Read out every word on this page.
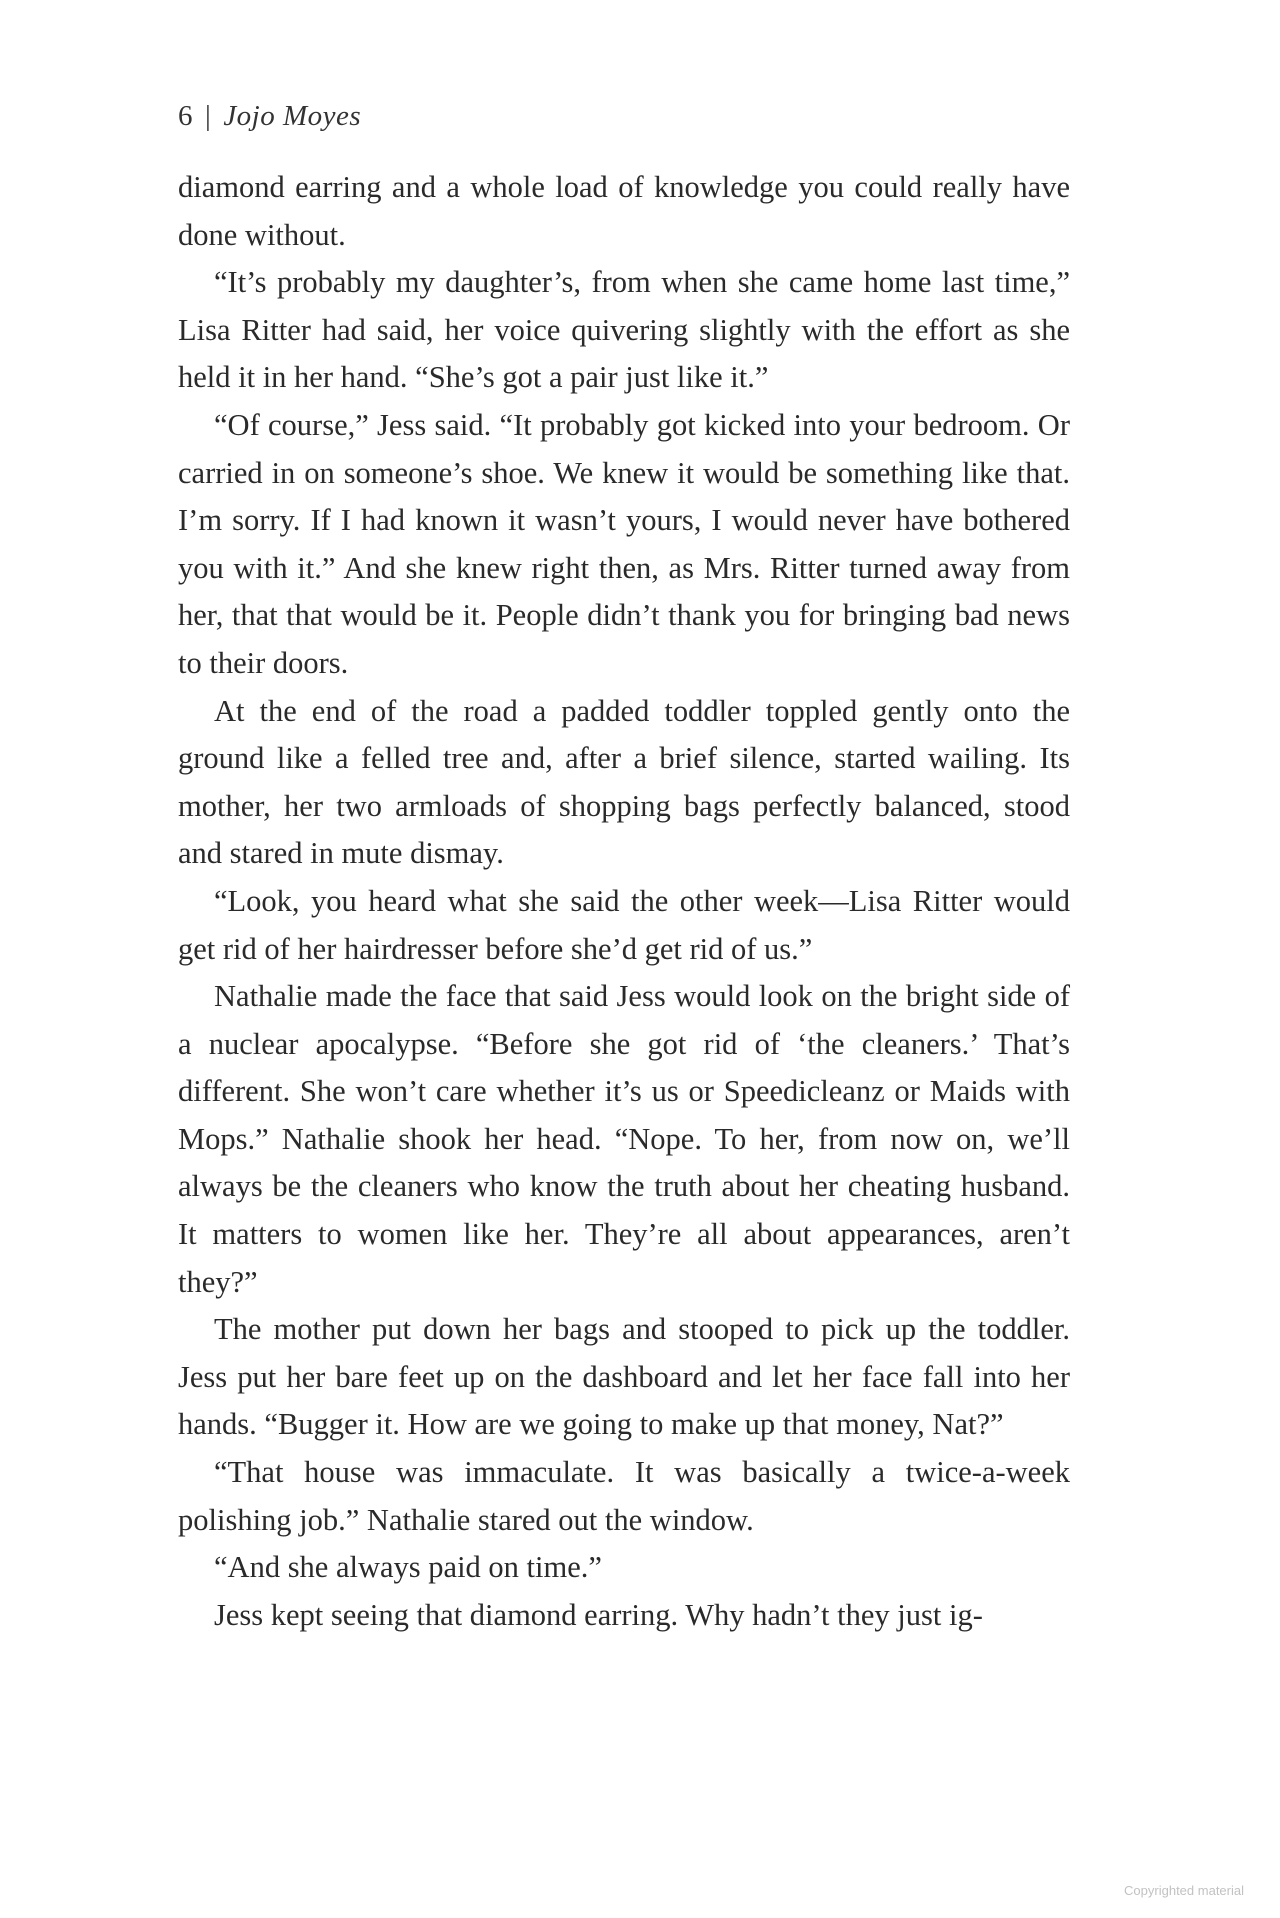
6 | Jojo Moyes

diamond earring and a whole load of knowledge you could really have done without.

“It’s probably my daughter’s, from when she came home last time,” Lisa Ritter had said, her voice quivering slightly with the effort as she held it in her hand. “She’s got a pair just like it.”

“Of course,” Jess said. “It probably got kicked into your bedroom. Or carried in on someone’s shoe. We knew it would be something like that. I’m sorry. If I had known it wasn’t yours, I would never have bothered you with it.” And she knew right then, as Mrs. Ritter turned away from her, that that would be it. People didn’t thank you for bringing bad news to their doors.

At the end of the road a padded toddler toppled gently onto the ground like a felled tree and, after a brief silence, started wailing. Its mother, her two armloads of shopping bags perfectly balanced, stood and stared in mute dismay.

“Look, you heard what she said the other week—Lisa Ritter would get rid of her hairdresser before she’d get rid of us.”

Nathalie made the face that said Jess would look on the bright side of a nuclear apocalypse. “Before she got rid of ‘the cleaners.’ That’s different. She won’t care whether it’s us or Speedicleanz or Maids with Mops.” Nathalie shook her head. “Nope. To her, from now on, we’ll always be the cleaners who know the truth about her cheating husband. It matters to women like her. They’re all about appearances, aren’t they?”

The mother put down her bags and stooped to pick up the toddler. Jess put her bare feet up on the dashboard and let her face fall into her hands. “Bugger it. How are we going to make up that money, Nat?”

“That house was immaculate. It was basically a twice-a-week polishing job.” Nathalie stared out the window.

“And she always paid on time.”

Jess kept seeing that diamond earring. Why hadn’t they just ig-

Copyrighted material
